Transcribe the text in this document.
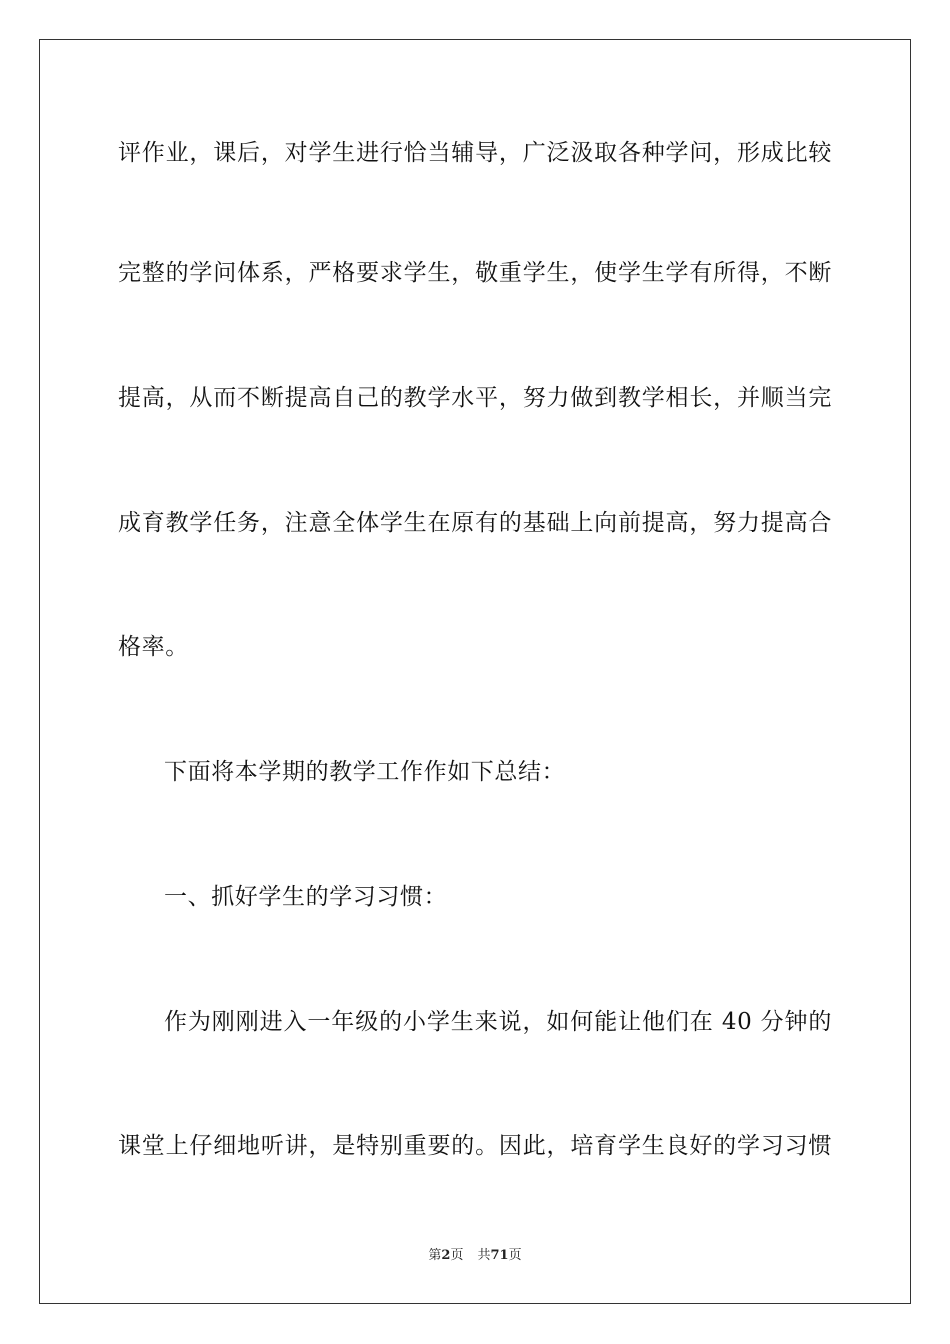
评作业，课后，对学生进行恰当辅导，广泛汲取各种学问，形成比较
完整的学问体系，严格要求学生，敬重学生，使学生学有所得，不断
提高，从而不断提高自己的教学水平，努力做到教学相长，并顺当完
成育教学任务，注意全体学生在原有的基础上向前提高，努力提高合
格率。
下面将本学期的教学工作作如下总结：
一、抓好学生的学习习惯：
作为刚刚进入一年级的小学生来说，如何能让他们在 40 分钟的
课堂上仔细地听讲，是特别重要的。因此，培育学生良好的学习习惯
第2页 共71页
